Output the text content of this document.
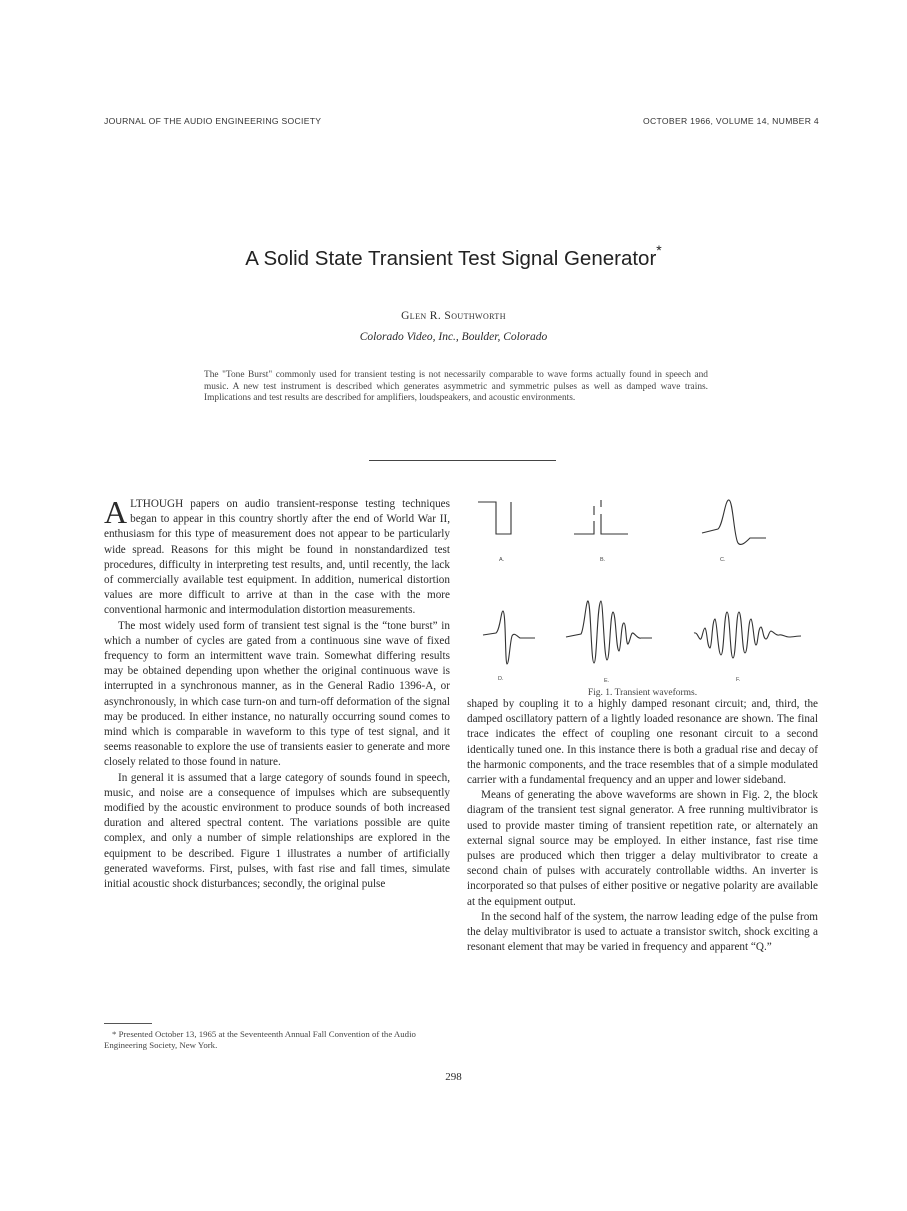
JOURNAL OF THE AUDIO ENGINEERING SOCIETY	OCTOBER 1966, VOLUME 14, NUMBER 4
A Solid State Transient Test Signal Generator*
Glen R. Southworth
Colorado Video, Inc., Boulder, Colorado
The "Tone Burst" commonly used for transient testing is not necessarily comparable to wave forms actually found in speech and music. A new test instrument is described which generates asymmetric and symmetric pulses as well as damped wave trains. Implications and test results are described for amplifiers, loudspeakers, and acoustic environments.

ALTHOUGH papers on audio transient-response testing techniques began to appear in this country shortly after the end of World War II, enthusiasm for this type of measurement does not appear to be particularly wide spread. Reasons for this might be found in nonstandardized test procedures, difficulty in interpreting test results, and, until recently, the lack of commercially available test equipment. In addition, numerical distortion values are more difficult to arrive at than in the case with the more conventional harmonic and intermodulation distortion measurements.

The most widely used form of transient test signal is the “tone burst” in which a number of cycles are gated from a continuous sine wave of fixed frequency to form an intermittent wave train. Somewhat differing results may be obtained depending upon whether the original continuous wave is interrupted in a synchronous manner, as in the General Radio 1396-A, or asynchronously, in which case turn-on and turn-off deformation of the signal may be produced. In either instance, no naturally occurring sound comes to mind which is comparable in waveform to this type of test signal, and it seems reasonable to explore the use of transients easier to generate and more closely related to those found in nature.

In general it is assumed that a large category of sounds found in speech, music, and noise are a consequence of impulses which are subsequently modified by the acoustic environment to produce sounds of both increased duration and altered spectral content. The variations possible are quite complex, and only a number of simple relationships are explored in the equipment to be described. Figure 1 illustrates a number of artificially generated waveforms. First, pulses, with fast rise and fall times, simulate initial acoustic shock disturbances; secondly, the original pulse

A.	B.	C.
D.	E.	F.
Fig. 1. Transient waveforms.

shaped by coupling it to a highly damped resonant circuit; and, third, the damped oscillatory pattern of a lightly loaded resonance are shown. The final trace indicates the effect of coupling one resonant circuit to a second identically tuned one. In this instance there is both a gradual rise and decay of the harmonic components, and the trace resembles that of a simple modulated carrier with a fundamental frequency and an upper and lower sideband.

Means of generating the above waveforms are shown in Fig. 2, the block diagram of the transient test signal generator. A free running multivibrator is used to provide master timing of transient repetition rate, or alternately an external signal source may be employed. In either instance, fast rise time pulses are produced which then trigger a delay multivibrator to create a second chain of pulses with accurately controllable widths. An inverter is incorporated so that pulses of either positive or negative polarity are available at the equipment output.

In the second half of the system, the narrow leading edge of the pulse from the delay multivibrator is used to actuate a transistor switch, shock exciting a resonant element that may be varied in frequency and apparent “Q.”

* Presented October 13, 1965 at the Seventeenth Annual Fall Convention of the Audio Engineering Society, New York.
298
